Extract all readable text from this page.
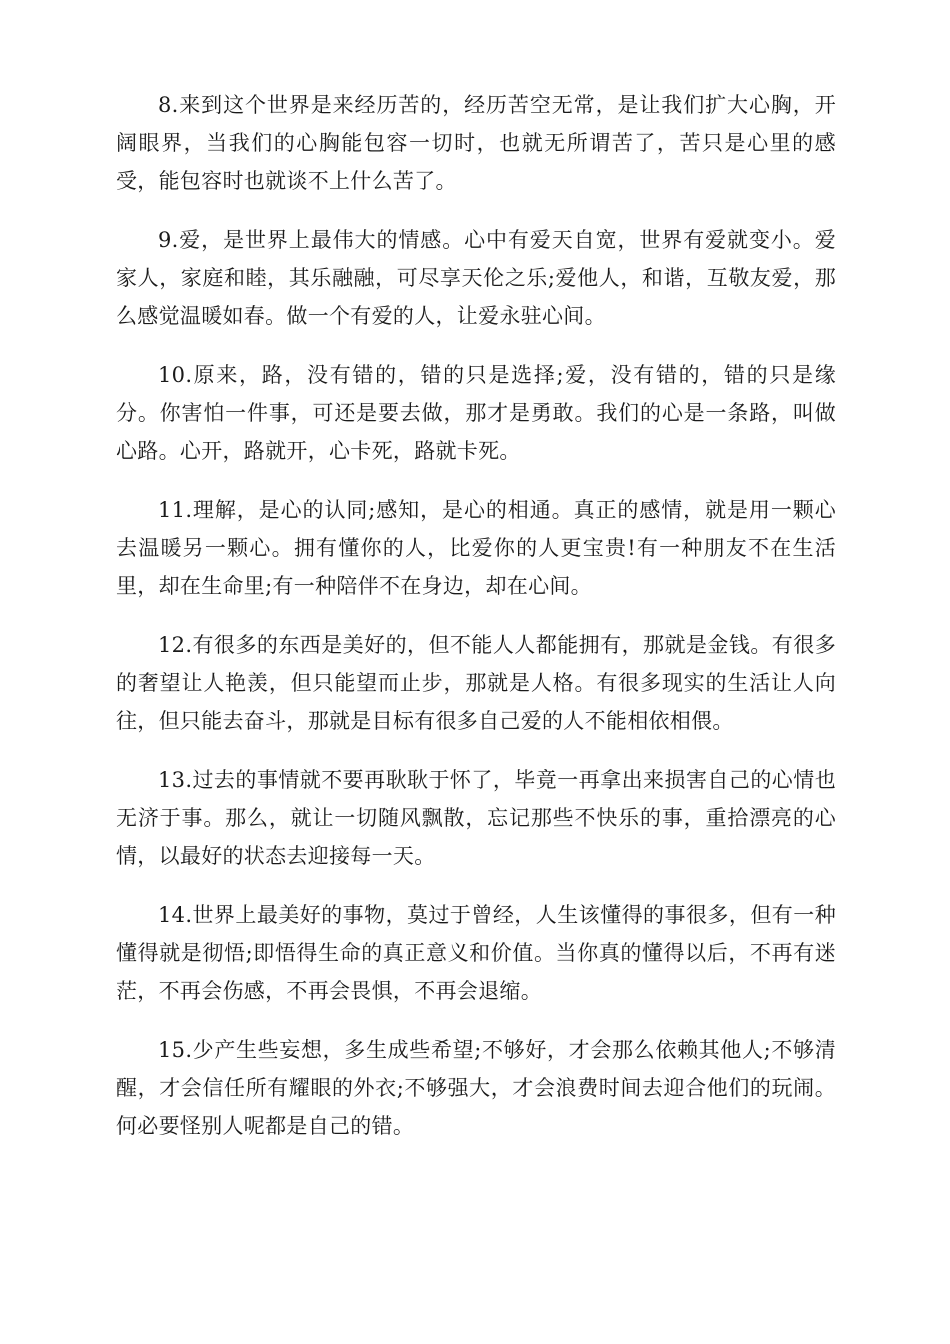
8.来到这个世界是来经历苦的，经历苦空无常，是让我们扩大心胸，开阔眼界，当我们的心胸能包容一切时，也就无所谓苦了，苦只是心里的感受，能包容时也就谈不上什么苦了。

9.爱，是世界上最伟大的情感。心中有爱天自宽，世界有爱就变小。爱家人，家庭和睦，其乐融融，可尽享天伦之乐;爱他人，和谐，互敬友爱，那么感觉温暖如春。做一个有爱的人，让爱永驻心间。

10.原来，路，没有错的，错的只是选择;爱，没有错的，错的只是缘分。你害怕一件事，可还是要去做，那才是勇敢。我们的心是一条路，叫做心路。心开，路就开，心卡死，路就卡死。

11.理解，是心的认同;感知，是心的相通。真正的感情，就是用一颗心去温暖另一颗心。拥有懂你的人，比爱你的人更宝贵!有一种朋友不在生活里，却在生命里;有一种陪伴不在身边，却在心间。

12.有很多的东西是美好的，但不能人人都能拥有，那就是金钱。有很多的奢望让人艳羡，但只能望而止步，那就是人格。有很多现实的生活让人向往，但只能去奋斗，那就是目标有很多自己爱的人不能相依相偎。

13.过去的事情就不要再耿耿于怀了，毕竟一再拿出来损害自己的心情也无济于事。那么，就让一切随风飘散，忘记那些不快乐的事，重拾漂亮的心情，以最好的状态去迎接每一天。

14.世界上最美好的事物，莫过于曾经，人生该懂得的事很多，但有一种懂得就是彻悟;即悟得生命的真正意义和价值。当你真的懂得以后，不再有迷茫，不再会伤感，不再会畏惧，不再会退缩。

15.少产生些妄想，多生成些希望;不够好，才会那么依赖其他人;不够清醒，才会信任所有耀眼的外衣;不够强大，才会浪费时间去迎合他们的玩闹。何必要怪别人呢都是自己的错。
